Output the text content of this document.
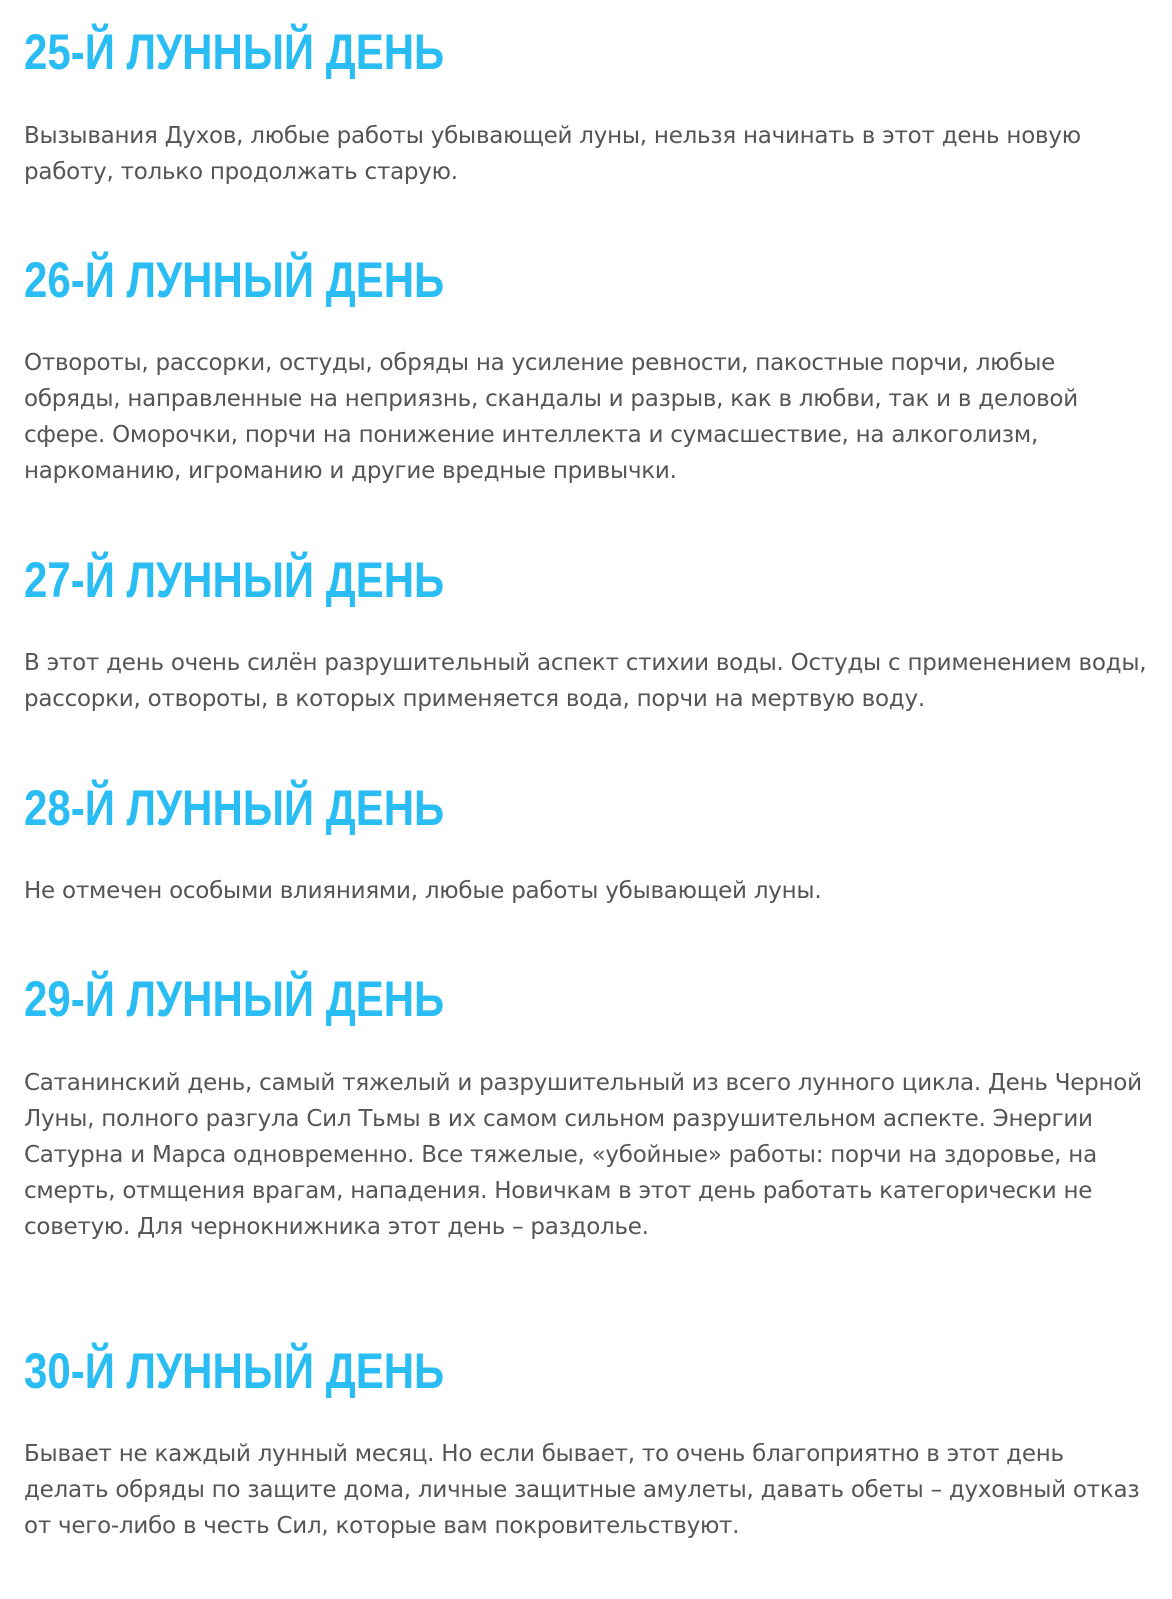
25-Й ЛУННЫЙ ДЕНЬ

Вызывания Духов, любые работы убывающей луны, нельзя начинать в этот день новую работу, только продолжать старую.

26-Й ЛУННЫЙ ДЕНЬ

Отвороты, рассорки, остуды, обряды на усиление ревности, пакостные порчи, любые обряды, направленные на неприязнь, скандалы и разрыв, как в любви, так и в деловой сфере. Оморочки, порчи на понижение интеллекта и сумасшествие, на алкоголизм, наркоманию, игроманию и другие вредные привычки.

27-Й ЛУННЫЙ ДЕНЬ

В этот день очень силён разрушительный аспект стихии воды. Остуды с применением воды, рассорки, отвороты, в которых применяется вода, порчи на мертвую воду.

28-Й ЛУННЫЙ ДЕНЬ

Не отмечен особыми влияниями, любые работы убывающей луны.

29-Й ЛУННЫЙ ДЕНЬ

Сатанинский день, самый тяжелый и разрушительный из всего лунного цикла. День Черной
Луны, полного разгула Сил Тьмы в их самом сильном разрушительном аспекте. Энергии Сатурна и Марса одновременно. Все тяжелые, «убойные» работы: порчи на здоровье, на смерть, отмщения врагам, нападения. Новичкам в этот день работать категорически не советую. Для чернокнижника этот день – раздолье.

30-Й ЛУННЫЙ ДЕНЬ

Бывает не каждый лунный месяц. Но если бывает, то очень благоприятно в этот день делать обряды по защите дома, личные защитные амулеты, давать обеты – духовный отказ от чего-либо в честь Сил, которые вам покровительствуют.
